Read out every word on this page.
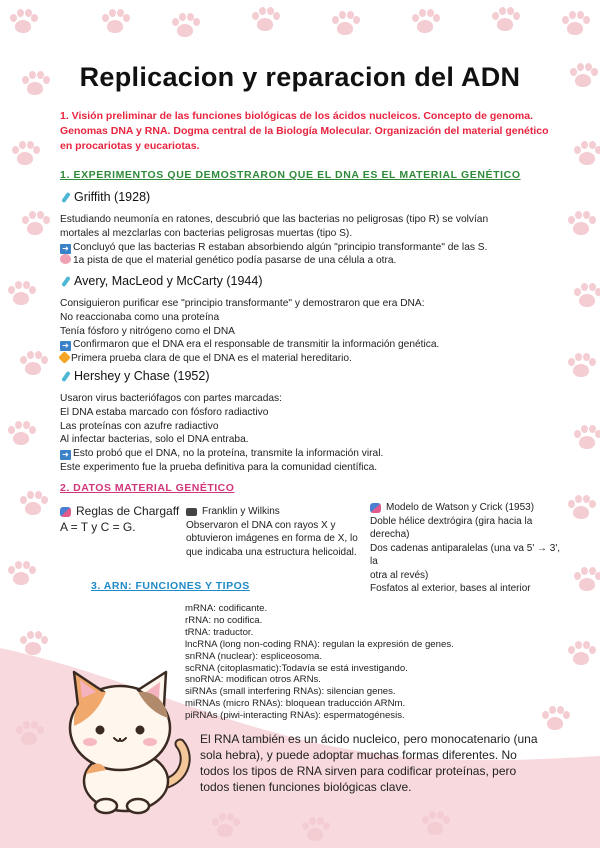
Replicacion y reparacion del ADN
1. Visión preliminar de las funciones biológicas de los ácidos nucleicos. Concepto de genoma. Genomas DNA y RNA. Dogma central de la Biología Molecular. Organización del material genético en procariotas y eucariotas.
1. EXPERIMENTOS QUE DEMOSTRARON QUE EL DNA ES EL MATERIAL GENÉTICO
Griffith (1928)
Estudiando neumonía en ratones, descubrió que las bacterias no peligrosas (tipo R) se volvían
mortales al mezclarlas con bacterias peligrosas muertas (tipo S).
➜ Concluyó que las bacterias R estaban absorbiendo algún "principio transformante" de las S.
1a pista de que el material genético podía pasarse de una célula a otra.
Avery, MacLeod y McCarty (1944)
Consiguieron purificar ese "principio transformante" y demostraron que era DNA:
No reaccionaba como una proteína
Tenía fósforo y nitrógeno como el DNA
➜ Confirmaron que el DNA era el responsable de transmitir la información genética.
Primera prueba clara de que el DNA es el material hereditario.
Hershey y Chase (1952)
Usaron virus bacteriófagos con partes marcadas:
El DNA estaba marcado con fósforo radiactivo
Las proteínas con azufre radiactivo
Al infectar bacterias, solo el DNA entraba.
➜ Esto probó que el DNA, no la proteína, transmite la información viral.
Este experimento fue la prueba definitiva para la comunidad científica.
2. DATOS MATERIAL GENÉTICO
Reglas de Chargaff
A = T y C = G.
Franklin y Wilkins
Observaron el DNA con rayos X y
obtuvieron imágenes en forma de X, lo
que indicaba una estructura helicoidal.
Modelo de Watson y Crick (1953)
Doble hélice dextrógira (gira hacia la
derecha)
Dos cadenas antiparalelas (una va 5' → 3', la
otra al revés)
Fosfatos al exterior, bases al interior
3. ARN: FUNCIONES Y TIPOS
mRNA: codificante.
rRNA: no codifica.
tRNA: traductor.
lncRNA (long non-coding RNA): regulan la expresión de genes.
snRNA (nuclear): espliceosoma.
scRNA (citoplasmatic):Todavía se está investigando.
snoRNA: modifican otros ARNs.
siRNAs (small interfering RNAs): silencian genes.
miRNAs (micro RNAs): bloquean traducción ARNm.
piRNAs (piwi-interacting RNAs): espermatogénesis.
El RNA también es un ácido nucleico, pero monocatenario (una sola hebra), y puede adoptar muchas formas diferentes. No todos los tipos de RNA sirven para codificar proteínas, pero todos tienen funciones biológicas clave.
